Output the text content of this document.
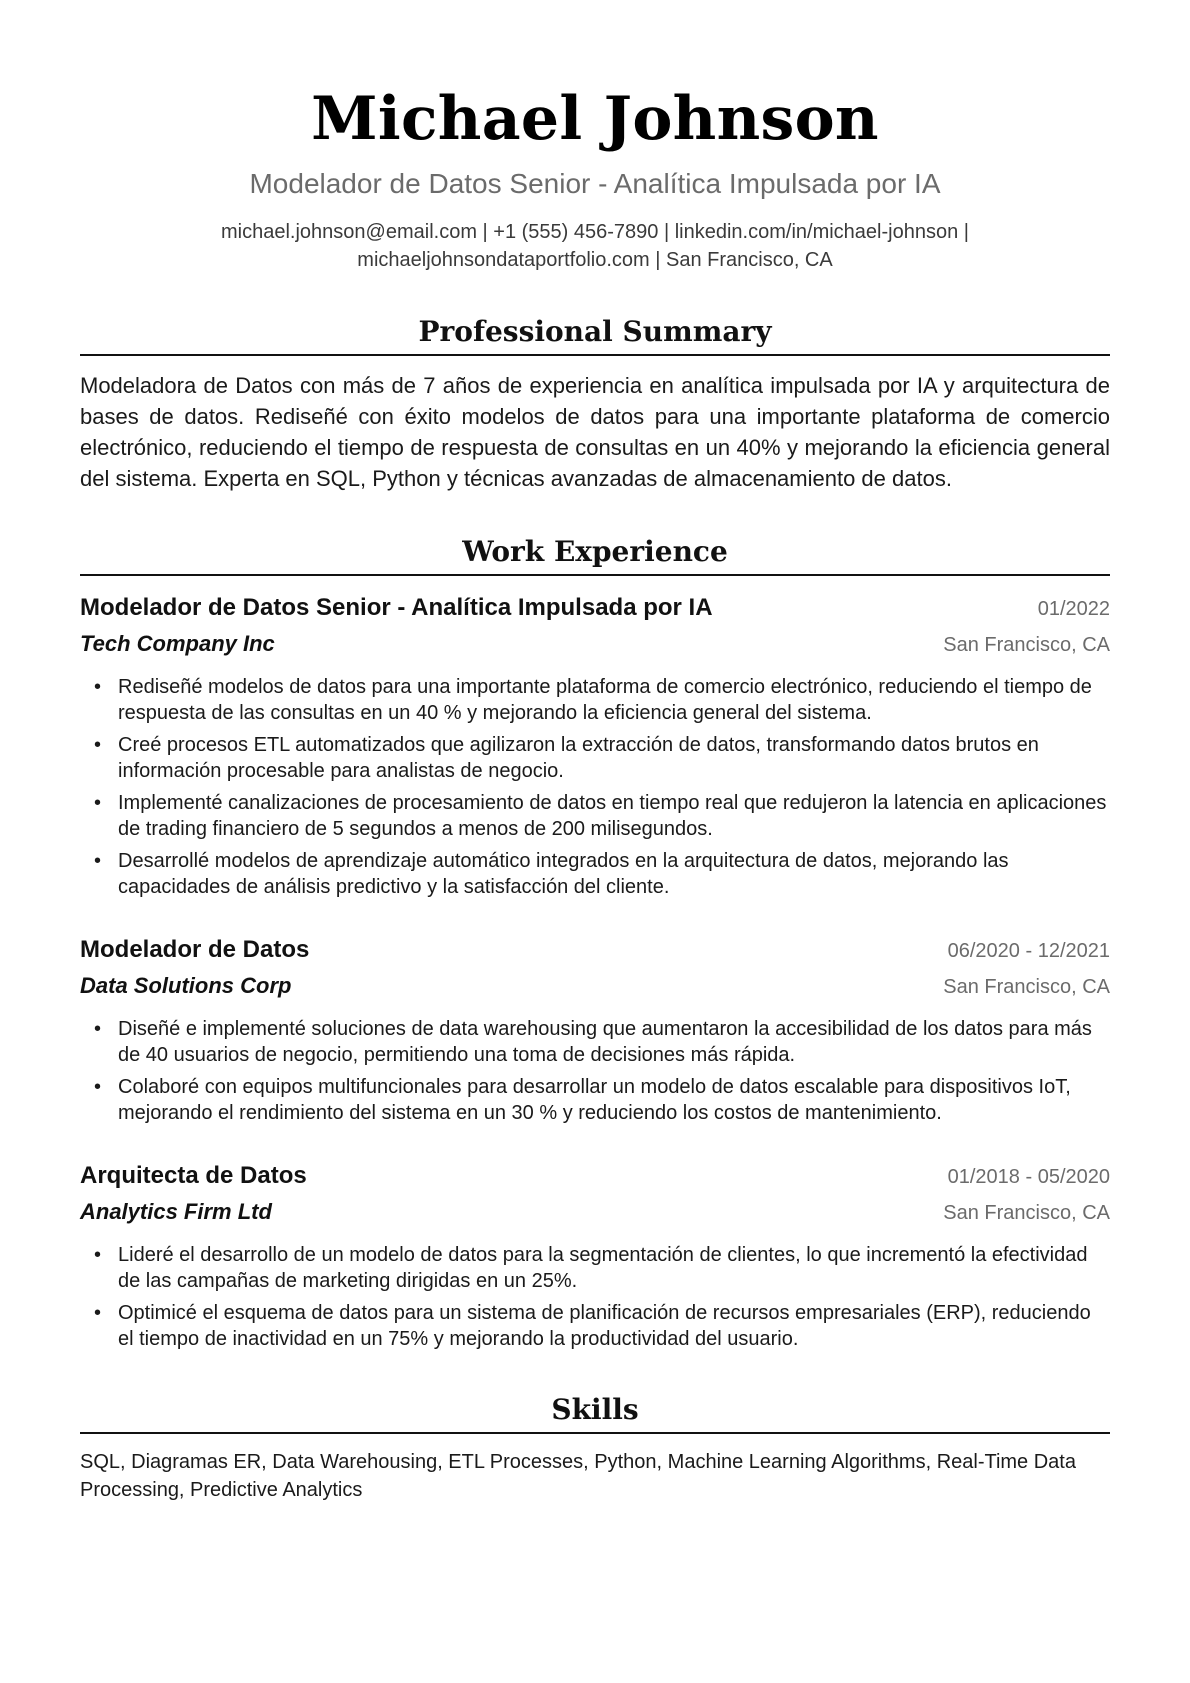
Michael Johnson
Modelador de Datos Senior - Analítica Impulsada por IA
michael.johnson@email.com | +1 (555) 456-7890 | linkedin.com/in/michael-johnson |
michaeljohnsondataportfolio.com | San Francisco, CA
Professional Summary
Modeladora de Datos con más de 7 años de experiencia en analítica impulsada por IA y arquitectura de bases de datos. Rediseñé con éxito modelos de datos para una importante plataforma de comercio electrónico, reduciendo el tiempo de respuesta de consultas en un 40% y mejorando la eficiencia general del sistema. Experta en SQL, Python y técnicas avanzadas de almacenamiento de datos.
Work Experience
Modelador de Datos Senior - Analítica Impulsada por IA	01/2022
Tech Company Inc	San Francisco, CA
• Rediseñé modelos de datos para una importante plataforma de comercio electrónico, reduciendo el tiempo de respuesta de las consultas en un 40 % y mejorando la eficiencia general del sistema.
• Creé procesos ETL automatizados que agilizaron la extracción de datos, transformando datos brutos en información procesable para analistas de negocio.
• Implementé canalizaciones de procesamiento de datos en tiempo real que redujeron la latencia en aplicaciones de trading financiero de 5 segundos a menos de 200 milisegundos.
• Desarrollé modelos de aprendizaje automático integrados en la arquitectura de datos, mejorando las capacidades de análisis predictivo y la satisfacción del cliente.
Modelador de Datos	06/2020 - 12/2021
Data Solutions Corp	San Francisco, CA
• Diseñé e implementé soluciones de data warehousing que aumentaron la accesibilidad de los datos para más de 40 usuarios de negocio, permitiendo una toma de decisiones más rápida.
• Colaboré con equipos multifuncionales para desarrollar un modelo de datos escalable para dispositivos IoT, mejorando el rendimiento del sistema en un 30 % y reduciendo los costos de mantenimiento.
Arquitecta de Datos	01/2018 - 05/2020
Analytics Firm Ltd	San Francisco, CA
• Lideré el desarrollo de un modelo de datos para la segmentación de clientes, lo que incrementó la efectividad de las campañas de marketing dirigidas en un 25%.
• Optimicé el esquema de datos para un sistema de planificación de recursos empresariales (ERP), reduciendo el tiempo de inactividad en un 75% y mejorando la productividad del usuario.
Skills
SQL, Diagramas ER, Data Warehousing, ETL Processes, Python, Machine Learning Algorithms, Real-Time Data Processing, Predictive Analytics
